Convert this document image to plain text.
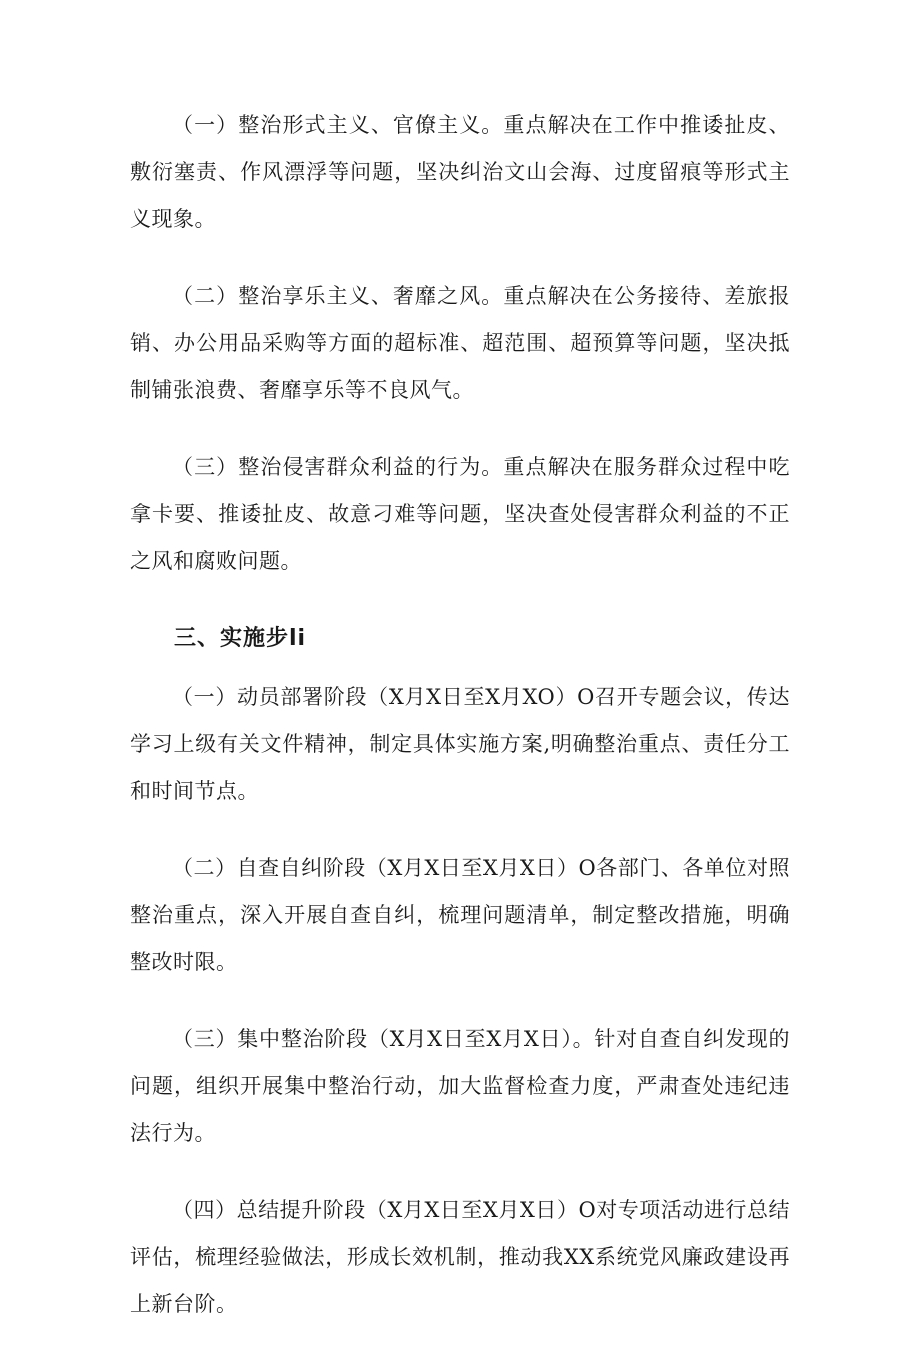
（一）整治形式主义、官僚主义。重点解决在工作中推诿扯皮、敷衍塞责、作风漂浮等问题，坚决纠治文山会海、过度留痕等形式主义现象。

（二）整治享乐主义、奢靡之风。重点解决在公务接待、差旅报销、办公用品采购等方面的超标准、超范围、超预算等问题，坚决抵制铺张浪费、奢靡享乐等不良风气。

（三）整治侵害群众利益的行为。重点解决在服务群众过程中吃拿卡要、推诿扯皮、故意刁难等问题，坚决查处侵害群众利益的不正之风和腐败问题。

三、实施步li

（一）动员部署阶段（X月X日至X月XO）O召开专题会议，传达学习上级有关文件精神，制定具体实施方案,明确整治重点、责任分工和时间节点。

（二）自查自纠阶段（X月X日至X月X日）O各部门、各单位对照整治重点，深入开展自查自纠，梳理问题清单，制定整改措施，明确整改时限。

（三）集中整治阶段（X月X日至X月X日）。针对自查自纠发现的问题，组织开展集中整治行动，加大监督检查力度，严肃查处违纪违法行为。

（四）总结提升阶段（X月X日至X月X日）O对专项活动进行总结评估，梳理经验做法，形成长效机制，推动我XX系统党风廉政建设再上新台阶。
